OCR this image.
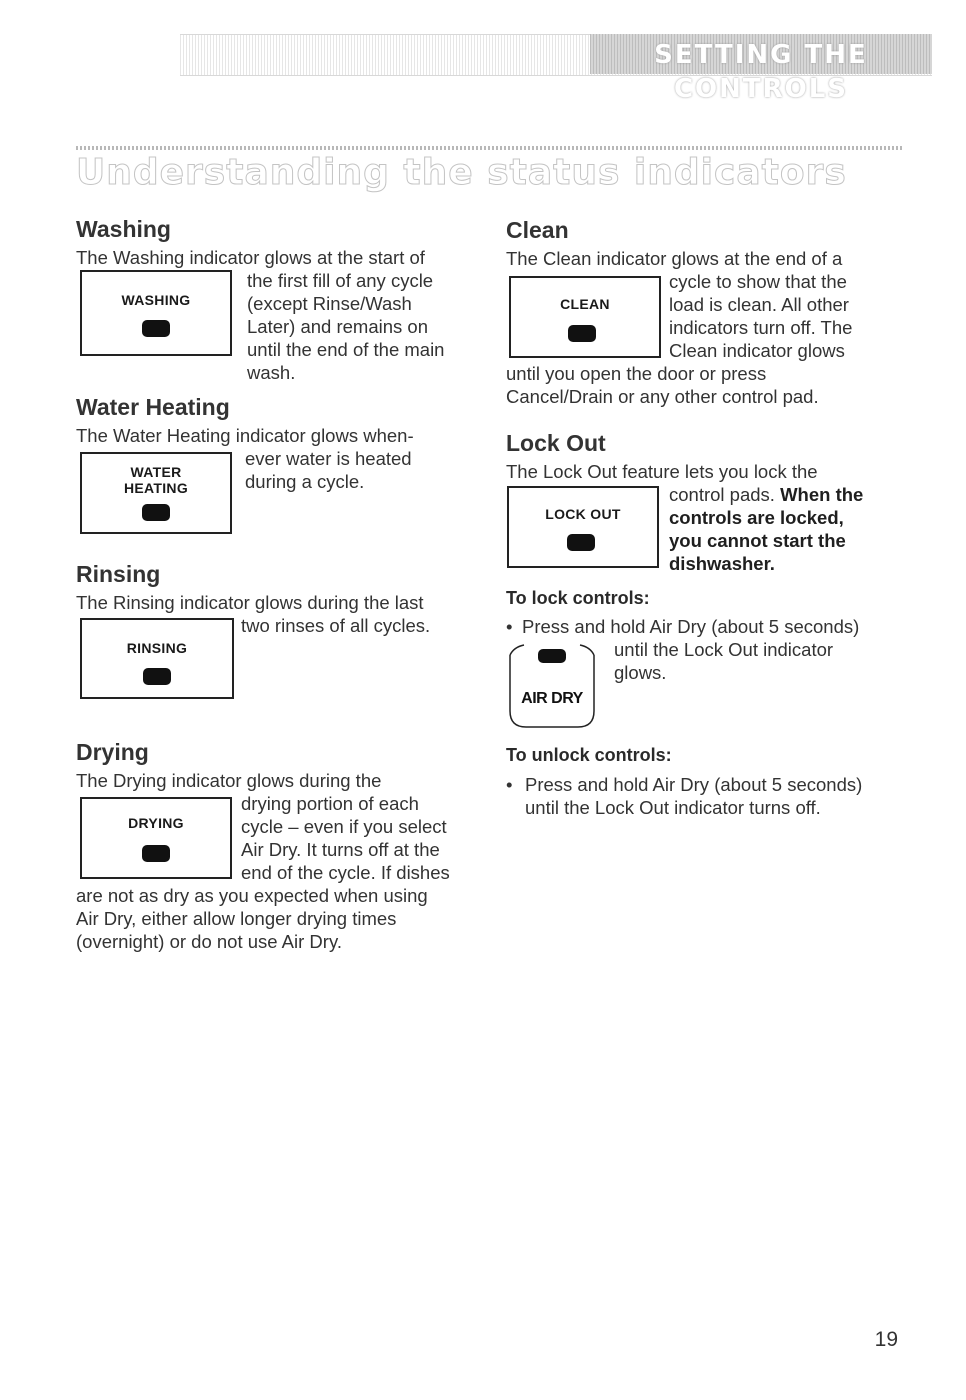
SETTING THE CONTROLS
Understanding the status indicators
Washing

The Washing indicator glows at the start of

WASHING

the first fill of any cycle

(except Rinse/Wash

Later) and remains on

until the end of the main

wash.

Water Heating

The Water Heating indicator glows when-

WATER
HEATING

ever water is heated

during a cycle.

Rinsing

The Rinsing indicator glows during the last

RINSING

two rinses of all cycles.

Drying

The Drying indicator glows during the

DRYING

drying portion of each

cycle – even if you select

Air Dry. It turns off at the

end of the cycle. If dishes

are not as dry as you expected when using

Air Dry, either allow longer drying times

(overnight) or do not use Air Dry.

Clean

The Clean indicator glows at the end of a

CLEAN

cycle to show that the

load is clean. All other

indicators turn off. The

Clean indicator glows

until you open the door or press

Cancel/Drain or any other control pad.

Lock Out

The Lock Out feature lets you lock the

LOCK OUT

control pads. When the

controls are locked,

you cannot start the

dishwasher.

To lock controls:

• Press and hold Air Dry (about 5 seconds)

AIR DRY

until the Lock Out indicator

glows.

To unlock controls:

• Press and hold Air Dry (about 5 seconds)

until the Lock Out indicator turns off.

19
